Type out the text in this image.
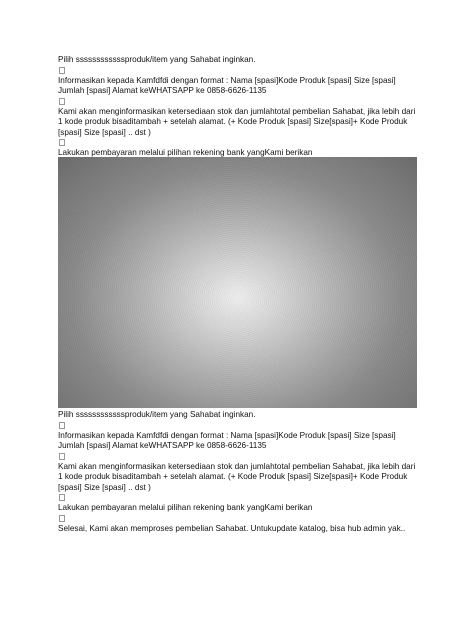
Pilih ssssssssssssproduk/item yang Sahabat inginkan.

Informasikan kepada Kamfdfdi dengan format : Nama [spasi]Kode Produk [spasi] Size [spasi] Jumlah [spasi] Alamat keWHATSAPP ke 0858-6626-1135

Kami akan menginformasikan ketersediaan stok dan jumlahtotal pembelian Sahabat, jika lebih dari 1 kode produk bisaditambah + setelah alamat. (+ Kode Produk [spasi] Size[spasi]+ Kode Produk [spasi] Size [spasi] .. dst )

Lakukan pembayaran melalui pilihan rekening bank yangKami berikan

Pilih ssssssssssssproduk/item yang Sahabat inginkan.

Informasikan kepada Kamfdfdi dengan format : Nama [spasi]Kode Produk [spasi] Size [spasi] Jumlah [spasi] Alamat keWHATSAPP ke 0858-6626-1135

Kami akan menginformasikan ketersediaan stok dan jumlahtotal pembelian Sahabat, jika lebih dari 1 kode produk bisaditambah + setelah alamat. (+ Kode Produk [spasi] Size[spasi]+ Kode Produk [spasi] Size [spasi] .. dst )

Lakukan pembayaran melalui pilihan rekening bank yangKami berikan

Selesai, Kami akan memproses pembelian Sahabat. Untukupdate katalog, bisa hub admin yak..
